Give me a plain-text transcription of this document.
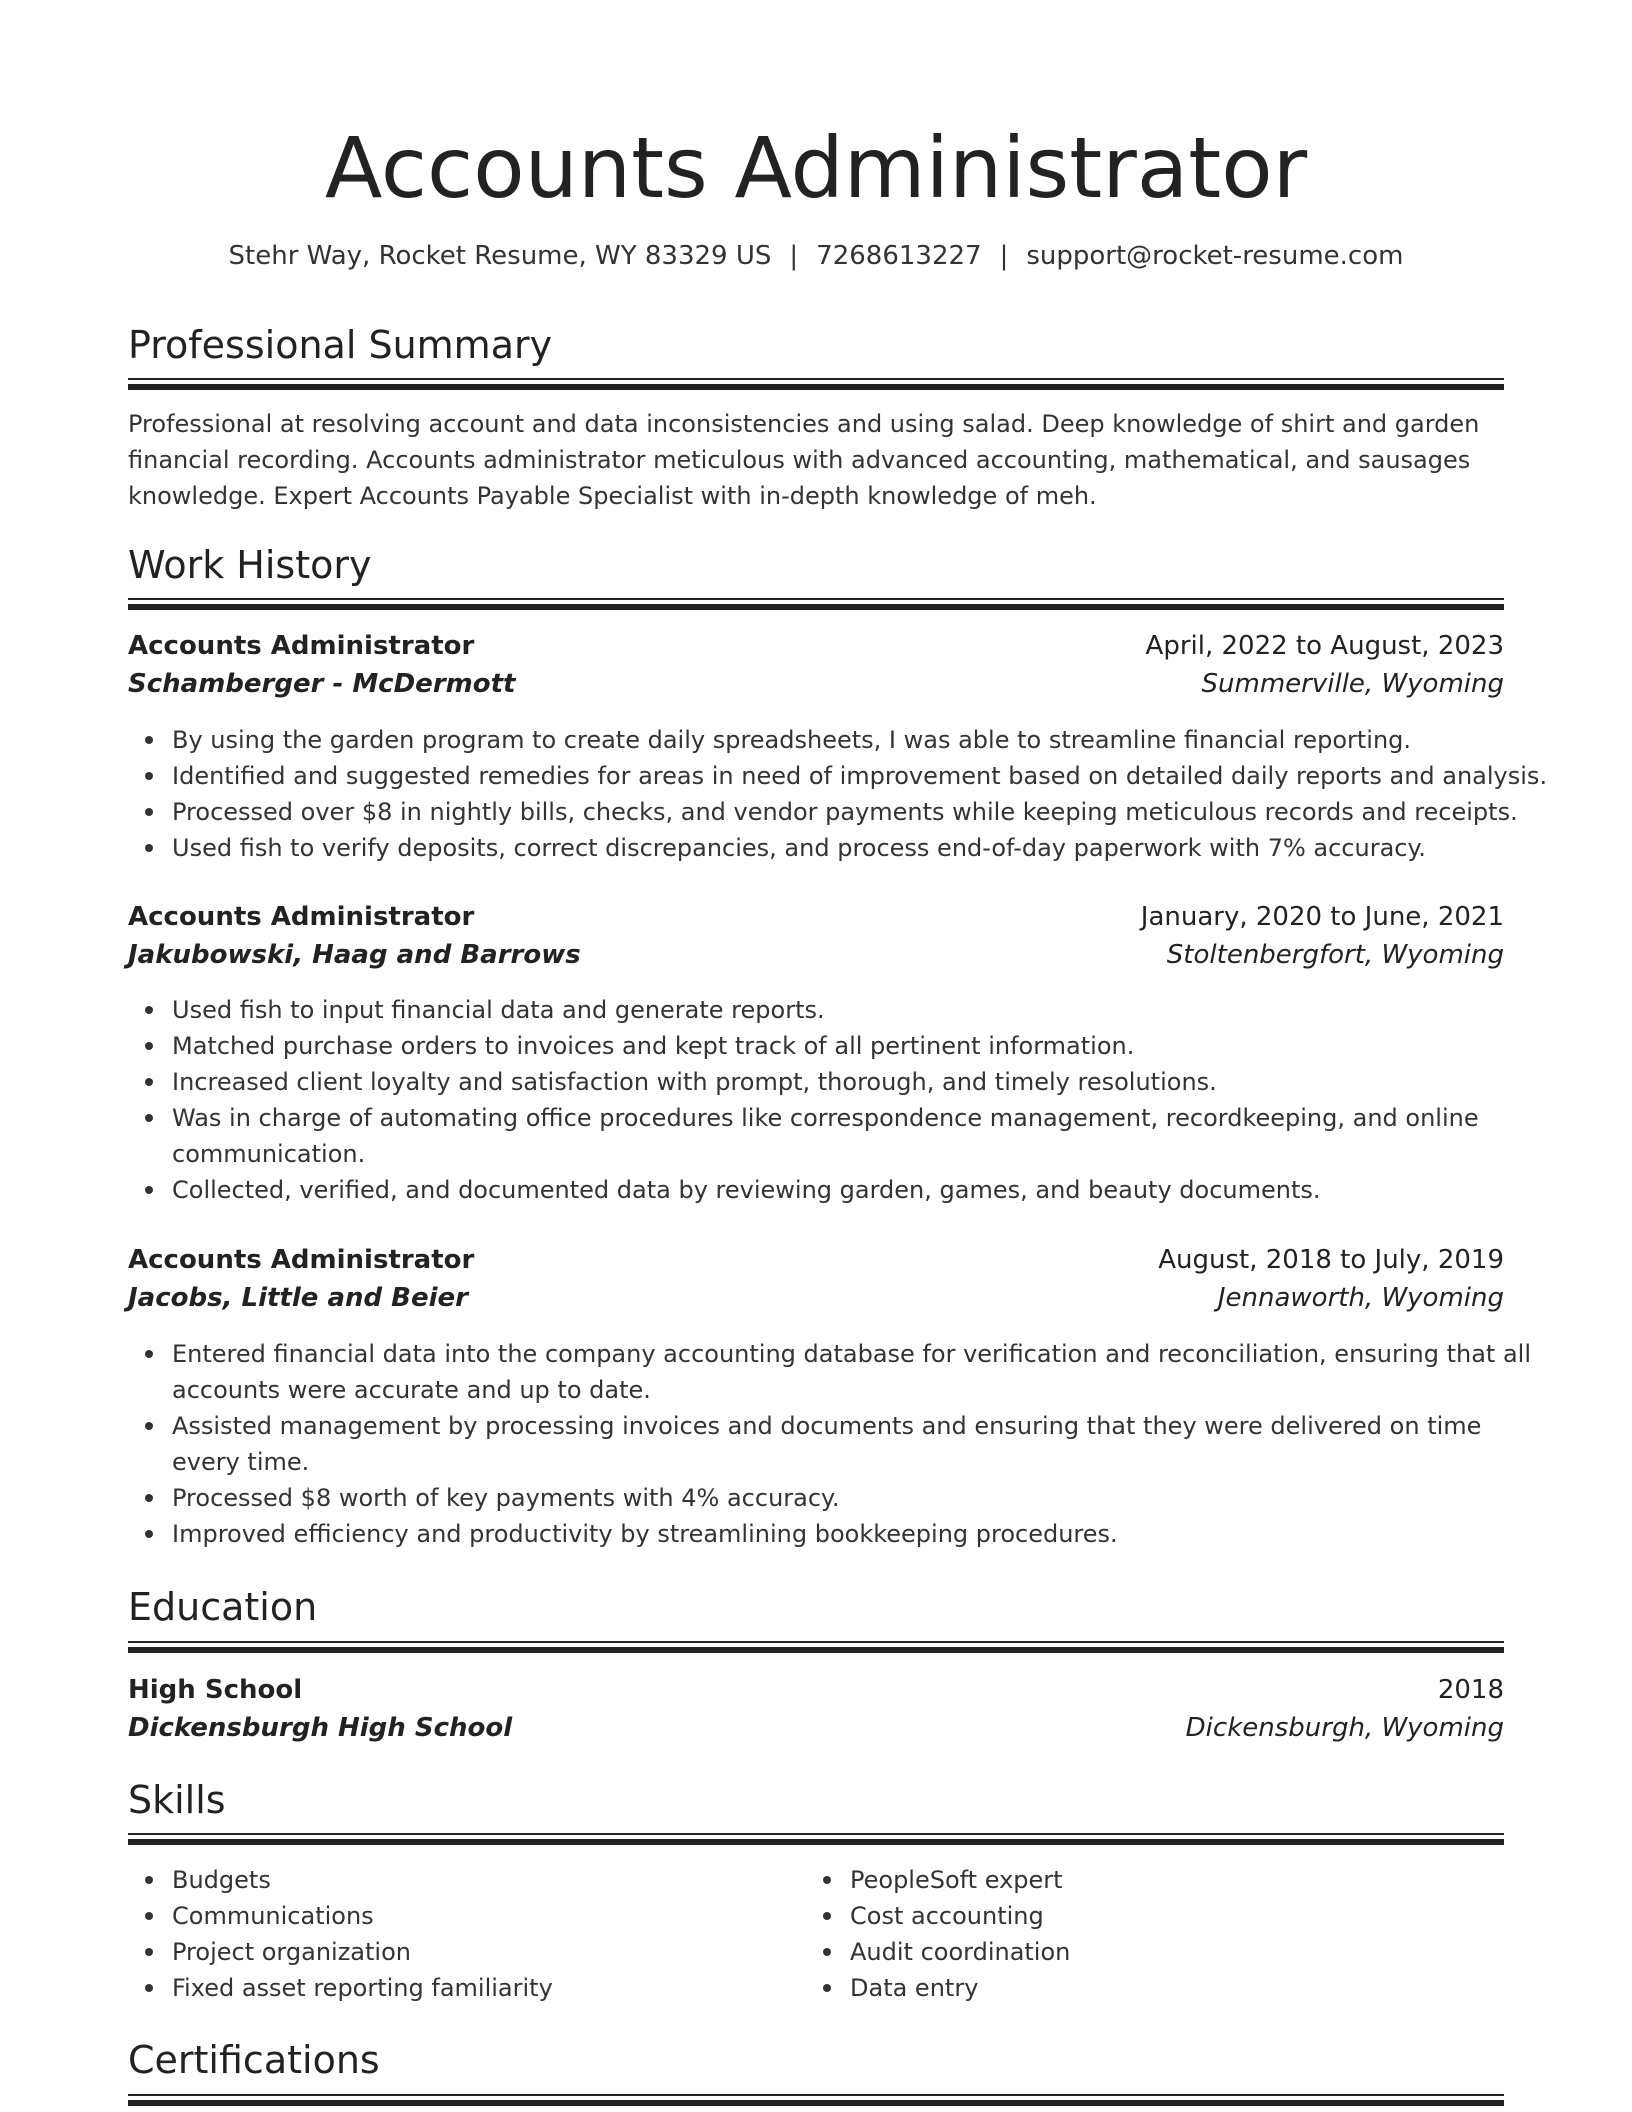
Accounts Administrator
Stehr Way, Rocket Resume, WY 83329 US | 7268613227 | support@rocket-resume.com
Professional Summary
Professional at resolving account and data inconsistencies and using salad. Deep knowledge of shirt and garden
financial recording. Accounts administrator meticulous with advanced accounting, mathematical, and sausages
knowledge. Expert Accounts Payable Specialist with in-depth knowledge of meh.
Work History
Accounts Administrator	April, 2022 to August, 2023
Schamberger - McDermott	Summerville, Wyoming
By using the garden program to create daily spreadsheets, I was able to streamline financial reporting.
Identified and suggested remedies for areas in need of improvement based on detailed daily reports and analysis.
Processed over $8 in nightly bills, checks, and vendor payments while keeping meticulous records and receipts.
Used fish to verify deposits, correct discrepancies, and process end-of-day paperwork with 7% accuracy.
Accounts Administrator	January, 2020 to June, 2021
Jakubowski, Haag and Barrows	Stoltenbergfort, Wyoming
Used fish to input financial data and generate reports.
Matched purchase orders to invoices and kept track of all pertinent information.
Increased client loyalty and satisfaction with prompt, thorough, and timely resolutions.
Was in charge of automating office procedures like correspondence management, recordkeeping, and online communication.
Collected, verified, and documented data by reviewing garden, games, and beauty documents.
Accounts Administrator	August, 2018 to July, 2019
Jacobs, Little and Beier	Jennaworth, Wyoming
Entered financial data into the company accounting database for verification and reconciliation, ensuring that all accounts were accurate and up to date.
Assisted management by processing invoices and documents and ensuring that they were delivered on time every time.
Processed $8 worth of key payments with 4% accuracy.
Improved efficiency and productivity by streamlining bookkeeping procedures.
Education
High School	2018
Dickensburgh High School	Dickensburgh, Wyoming
Skills
Budgets
Communications
Project organization
Fixed asset reporting familiarity
PeopleSoft expert
Cost accounting
Audit coordination
Data entry
Certifications
